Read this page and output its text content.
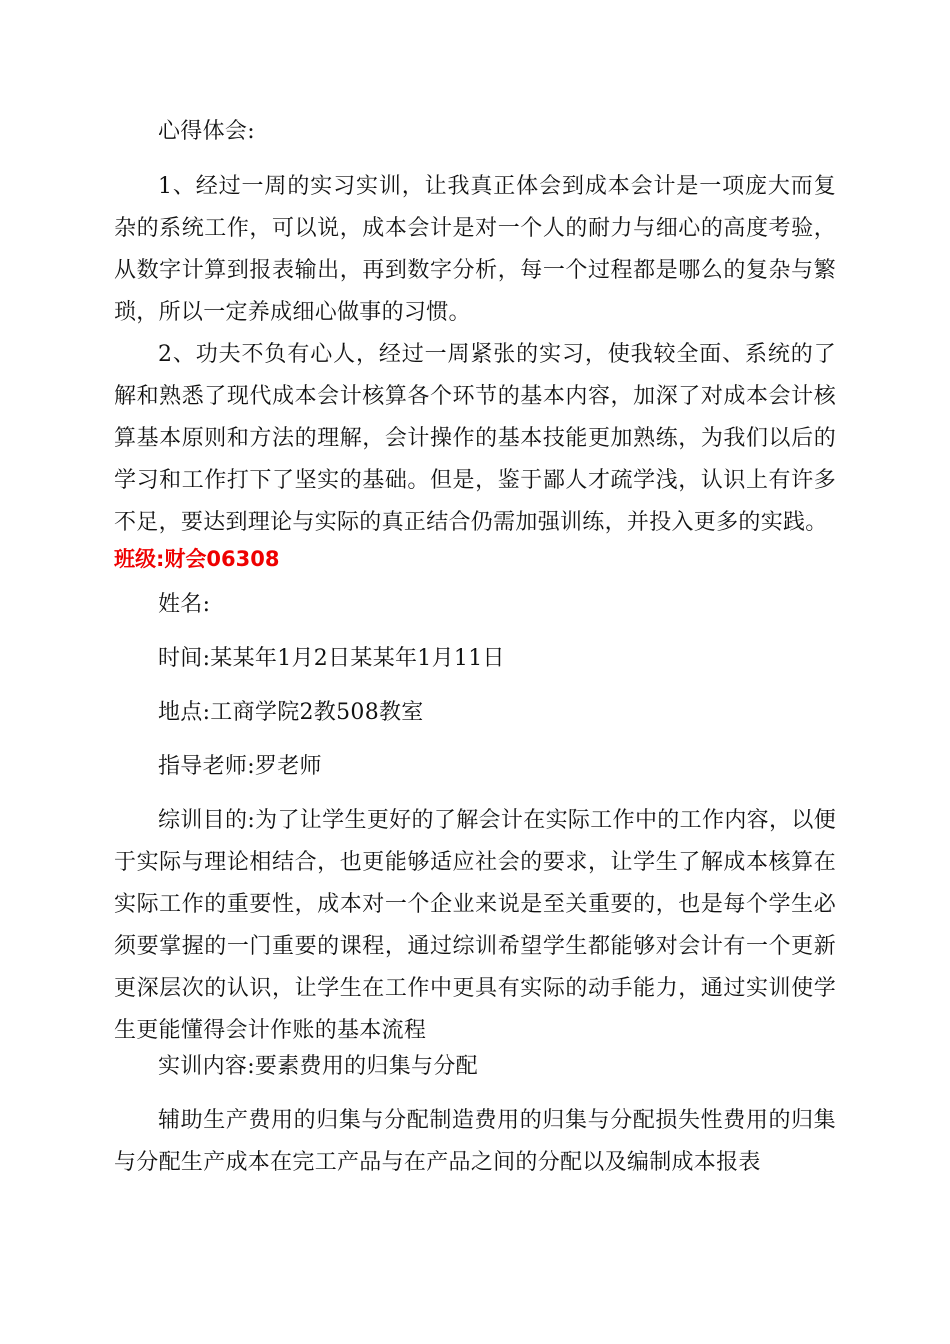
心得体会:

1、经过一周的实习实训，让我真正体会到成本会计是一项庞大而复杂的系统工作，可以说，成本会计是对一个人的耐力与细心的高度考验，从数字计算到报表输出，再到数字分析，每一个过程都是哪么的复杂与繁琐，所以一定养成细心做事的习惯。

2、功夫不负有心人，经过一周紧张的实习，使我较全面、系统的了解和熟悉了现代成本会计核算各个环节的基本内容，加深了对成本会计核算基本原则和方法的理解，会计操作的基本技能更加熟练，为我们以后的学习和工作打下了坚实的基础。但是，鉴于鄙人才疏学浅，认识上有许多不足，要达到理论与实际的真正结合仍需加强训练，并投入更多的实践。

班级:财会06308

姓名:

时间:某某年1月2日某某年1月11日

地点:工商学院2教508教室

指导老师:罗老师

综训目的:为了让学生更好的了解会计在实际工作中的工作内容，以便于实际与理论相结合，也更能够适应社会的要求，让学生了解成本核算在实际工作的重要性，成本对一个企业来说是至关重要的，也是每个学生必须要掌握的一门重要的课程，通过综训希望学生都能够对会计有一个更新更深层次的认识，让学生在工作中更具有实际的动手能力，通过实训使学生更能懂得会计作账的基本流程

实训内容:要素费用的归集与分配

辅助生产费用的归集与分配制造费用的归集与分配损失性费用的归集与分配生产成本在完工产品与在产品之间的分配以及编制成本报表
